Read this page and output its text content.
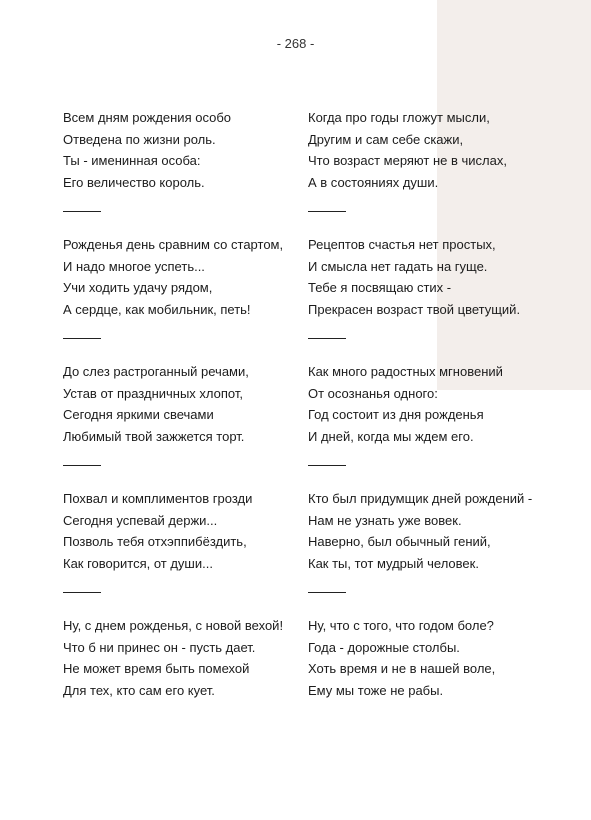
- 268 -
Всем дням рождения особо
Отведена по жизни роль.
Ты - именинная особа:
Его величество король.
Рожденья день сравним со стартом,
И надо многое успеть...
Учи ходить удачу рядом,
А сердце, как мобильник, петь!
До слез растроганный речами,
Устав от праздничных хлопот,
Сегодня яркими свечами
Любимый твой зажжется торт.
Похвал и комплиментов грозди
Сегодня успевай держи...
Позволь тебя отхэппибёздить,
Как говорится, от души...
Ну, с днем рожденья, с новой вехой!
Что б ни принес он - пусть дает.
Не может время быть помехой
Для тех, кто сам его кует.
Когда про годы гложут мысли,
Другим и сам себе скажи,
Что возраст меряют не в числах,
А в состояниях души.
Рецептов счастья нет простых,
И смысла нет гадать на гуще.
Тебе я посвящаю стих -
Прекрасен возраст твой цветущий.
Как много радостных мгновений
От осознанья одного:
Год состоит из дня рожденья
И дней, когда мы ждем его.
Кто был придумщик дней рождений -
Нам не узнать уже вовек.
Наверно, был обычный гений,
Как ты, тот мудрый человек.
Ну, что с того, что годом боле?
Года - дорожные столбы.
Хоть время и не в нашей воле,
Ему мы тоже не рабы.
